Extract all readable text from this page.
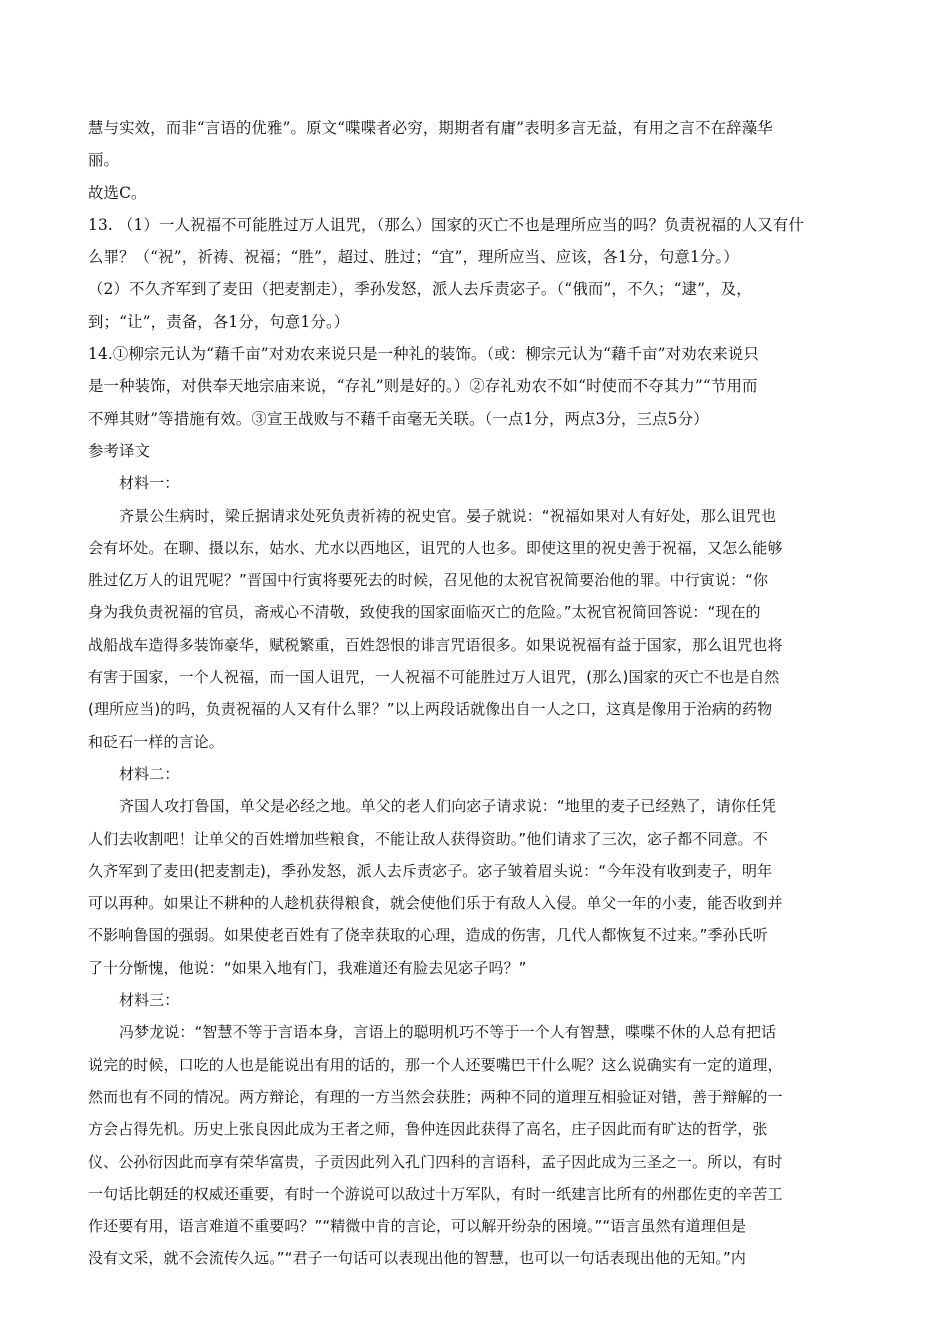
慧与实效，而非“言语的优雅”。原文“喋喋者必穷，期期者有庸”表明多言无益，有用之言不在辞藻华
丽。
故选C。
13. （1）一人祝福不可能胜过万人诅咒，（那么）国家的灭亡不也是理所应当的吗？负责祝福的人又有什
么罪？（“祝”，祈祷、祝福；“胜”，超过、胜过；“宜”，理所应当、应该，各1分，句意1分。）
（2）不久齐军到了麦田（把麦割走），季孙发怒，派人去斥责宓子。（“俄而”，不久；“逮”，及，
到；“让”，责备，各1分，句意1分。）
14.①柳宗元认为“藉千亩”对劝农来说只是一种礼的装饰。（或：柳宗元认为“藉千亩”对劝农来说只
是一种装饰，对供奉天地宗庙来说，“存礼”则是好的。）②存礼劝农不如“时使而不夺其力”“节用而
不殚其财”等措施有效。③宣王战败与不藉千亩毫无关联。（一点1分，两点3分，三点5分）
参考译文
材料一：
齐景公生病时，梁丘据请求处死负责祈祷的祝史官。晏子就说：“祝福如果对人有好处，那么诅咒也
会有坏处。在聊、摄以东，姑水、尤水以西地区，诅咒的人也多。即使这里的祝史善于祝福，又怎么能够
胜过亿万人的诅咒呢？”晋国中行寅将要死去的时候，召见他的太祝官祝简要治他的罪。中行寅说：“你
身为我负责祝福的官员，斋戒心不清敬，致使我的国家面临灭亡的危险。”太祝官祝简回答说：“现在的
战船战车造得多装饰豪华，赋税繁重，百姓怨恨的诽言咒语很多。如果说祝福有益于国家，那么诅咒也将
有害于国家，一个人祝福，而一国人诅咒，一人祝福不可能胜过万人诅咒，(那么)国家的灭亡不也是自然
(理所应当)的吗，负责祝福的人又有什么罪？”以上两段话就像出自一人之口，这真是像用于治病的药物
和砭石一样的言论。
材料二：
齐国人攻打鲁国，单父是必经之地。单父的老人们向宓子请求说：“地里的麦子已经熟了，请你任凭
人们去收割吧！让单父的百姓增加些粮食，不能让敌人获得资助。”他们请求了三次，宓子都不同意。不
久齐军到了麦田(把麦割走)，季孙发怒，派人去斥责宓子。宓子皱着眉头说：“今年没有收到麦子，明年
可以再种。如果让不耕种的人趁机获得粮食，就会使他们乐于有敌人入侵。单父一年的小麦，能否收到并
不影响鲁国的强弱。如果使老百姓有了侥幸获取的心理，造成的伤害，几代人都恢复不过来。”季孙氏听
了十分惭愧，他说：“如果入地有门，我难道还有脸去见宓子吗？”
材料三：
冯梦龙说：“智慧不等于言语本身，言语上的聪明机巧不等于一个人有智慧，喋喋不休的人总有把话
说完的时候，口吃的人也是能说出有用的话的，那一个人还要嘴巴干什么呢？这么说确实有一定的道理，
然而也有不同的情况。两方辩论，有理的一方当然会获胜；两种不同的道理互相验证对错，善于辩解的一
方会占得先机。历史上张良因此成为王者之师，鲁仲连因此获得了高名，庄子因此而有旷达的哲学，张
仪、公孙衍因此而享有荣华富贵，子贡因此列入孔门四科的言语科，孟子因此成为三圣之一。所以，有时
一句话比朝廷的权威还重要，有时一个游说可以敌过十万军队，有时一纸建言比所有的州郡佐吏的辛苦工
作还要有用，语言难道不重要吗？”“精微中肯的言论，可以解开纷杂的困境。”“语言虽然有道理但是
没有文采，就不会流传久远。”“君子一句话可以表现出他的智慧，也可以一句话表现出他的无知。”内
